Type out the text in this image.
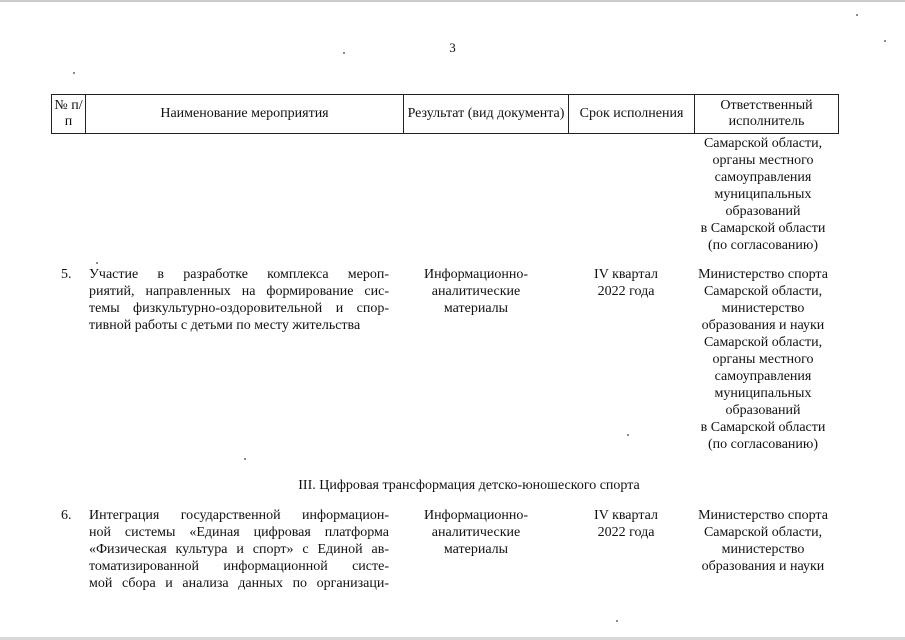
3
№ п/п
Наименование мероприятия	Результат (вид документа)	Срок исполнения
Ответственный исполнитель
Самарской области,
органы местного
самоуправления
муниципальных
образований
в Самарской области
(по согласованию)
5. Участие в разработке комплекса мероп-
риятий, направленных на формирование сис-
темы физкультурно-оздоровительной и спор-
тивной работы с детьми по месту жительства
Информационно-
аналитические
материалы
IV квартал
2022 года
Министерство спорта
Самарской области,
министерство
образования и науки
Самарской области,
органы местного
самоуправления
муниципальных
образований
в Самарской области
(по согласованию)
III. Цифровая трансформация детско-юношеского спорта
6. Интеграция государственной информацион-
ной системы «Единая цифровая платформа
«Физическая культура и спорт» с Единой ав-
томатизированной информационной систе-
мой сбора и анализа данных по организаци-
Информационно-
аналитические
материалы
IV квартал
2022 года
Министерство спорта
Самарской области,
министерство
образования и науки
